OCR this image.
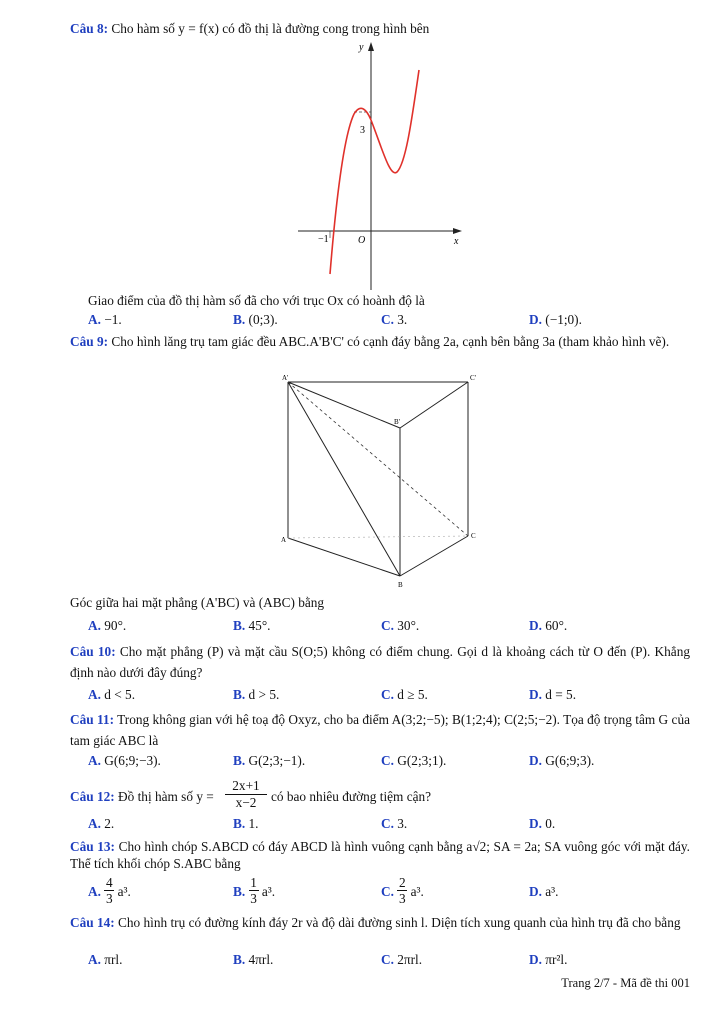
Câu 8: Cho hàm số y = f(x) có đồ thị là đường cong trong hình bên
y
x
O
3
−1
Giao điểm của đồ thị hàm số đã cho với trục Ox có hoành độ là
A. −1.	B. (0;3).	C. 3.	D. (−1;0).
Câu 9: Cho hình lăng trụ tam giác đều ABC.A'B'C' có cạnh đáy bằng 2a, cạnh bên bằng 3a (tham khảo hình vẽ).
A'	C'
B'
A	C
B
Góc giữa hai mặt phẳng (A'BC) và (ABC) bằng
A. 90°.	B. 45°.	C. 30°.	D. 60°.
Câu 10: Cho mặt phẳng (P) và mặt cầu S(O;5) không có điểm chung. Gọi d là khoảng cách từ O đến (P). Khẳng định nào dưới đây đúng?
A. d < 5.	B. d > 5.	C. d ≥ 5.	D. d = 5.
Câu 11: Trong không gian với hệ toạ độ Oxyz, cho ba điểm A(3;2;−5); B(1;2;4); C(2;5;−2). Tọa độ trọng tâm G của tam giác ABC là
A. G(6;9;−3).	B. G(2;3;−1).	C. G(2;3;1).	D. G(6;9;3).
Câu 12: Đồ thị hàm số $y = \frac{2x+1}{x-2}$ có bao nhiêu đường tiệm cận?
A. 2.	B. 1.	C. 3.	D. 0.
Câu 13: Cho hình chóp S.ABCD có đáy ABCD là hình vuông cạnh bằng a√2; SA = 2a; SA vuông góc với mặt đáy. Thể tích khối chóp S.ABC bằng
A. $\frac{4}{3} a^3$.	B. $\frac{1}{3} a^3$.	C. $\frac{2}{3} a^3$.	D. a³.
Câu 14: Cho hình trụ có đường kính đáy 2r và độ dài đường sinh l. Diện tích xung quanh của hình trụ đã cho bằng
A. πrl.	B. 4πrl.	C. 2πrl.	D. πr²l.
Trang 2/7 - Mã đề thi 001
